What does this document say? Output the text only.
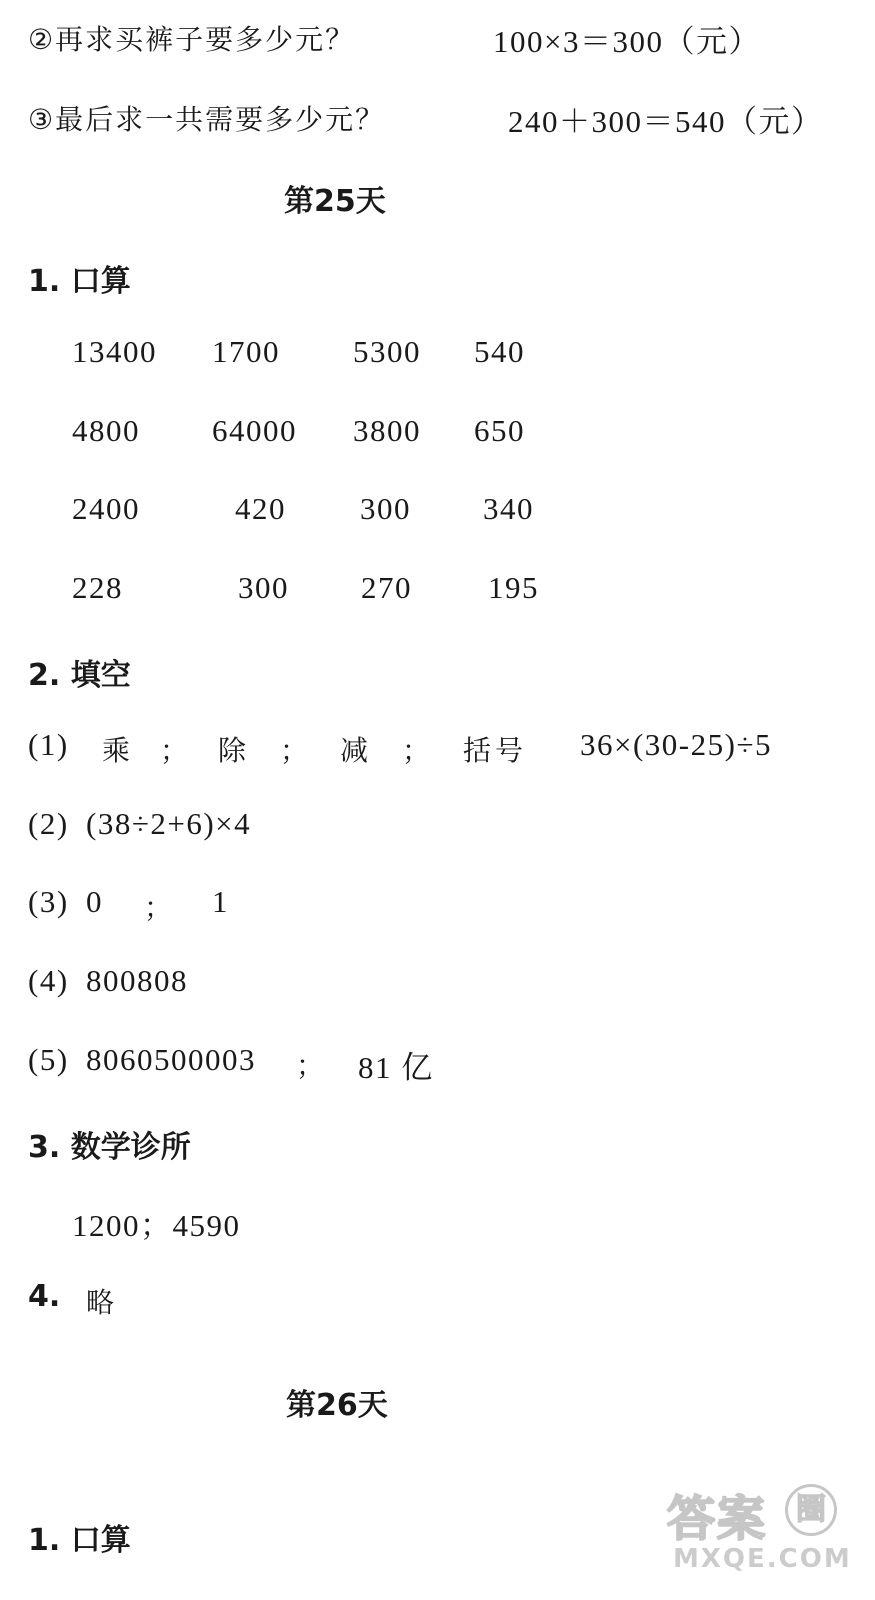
②再求买裤子要多少元？	100×3＝300（元）
③最后求一共需要多少元？	240＋300＝540（元）
第25天
1. 口算
13400 1700 5300 540
4800 64000 3800 650
2400	420 300 340
228	300 270 195
2. 填空
(1) 乘 ； 除 ； 减 ； 括号 36×(30-25)÷5
(2) (38÷2+6)×4
(3) 0 ； 1
(4) 800808
(5) 8060500003 ； 81 亿
3. 数学诊所
1200；4590
4. 略
第26天
1. 口算	答案 圈
MXQE.COM
